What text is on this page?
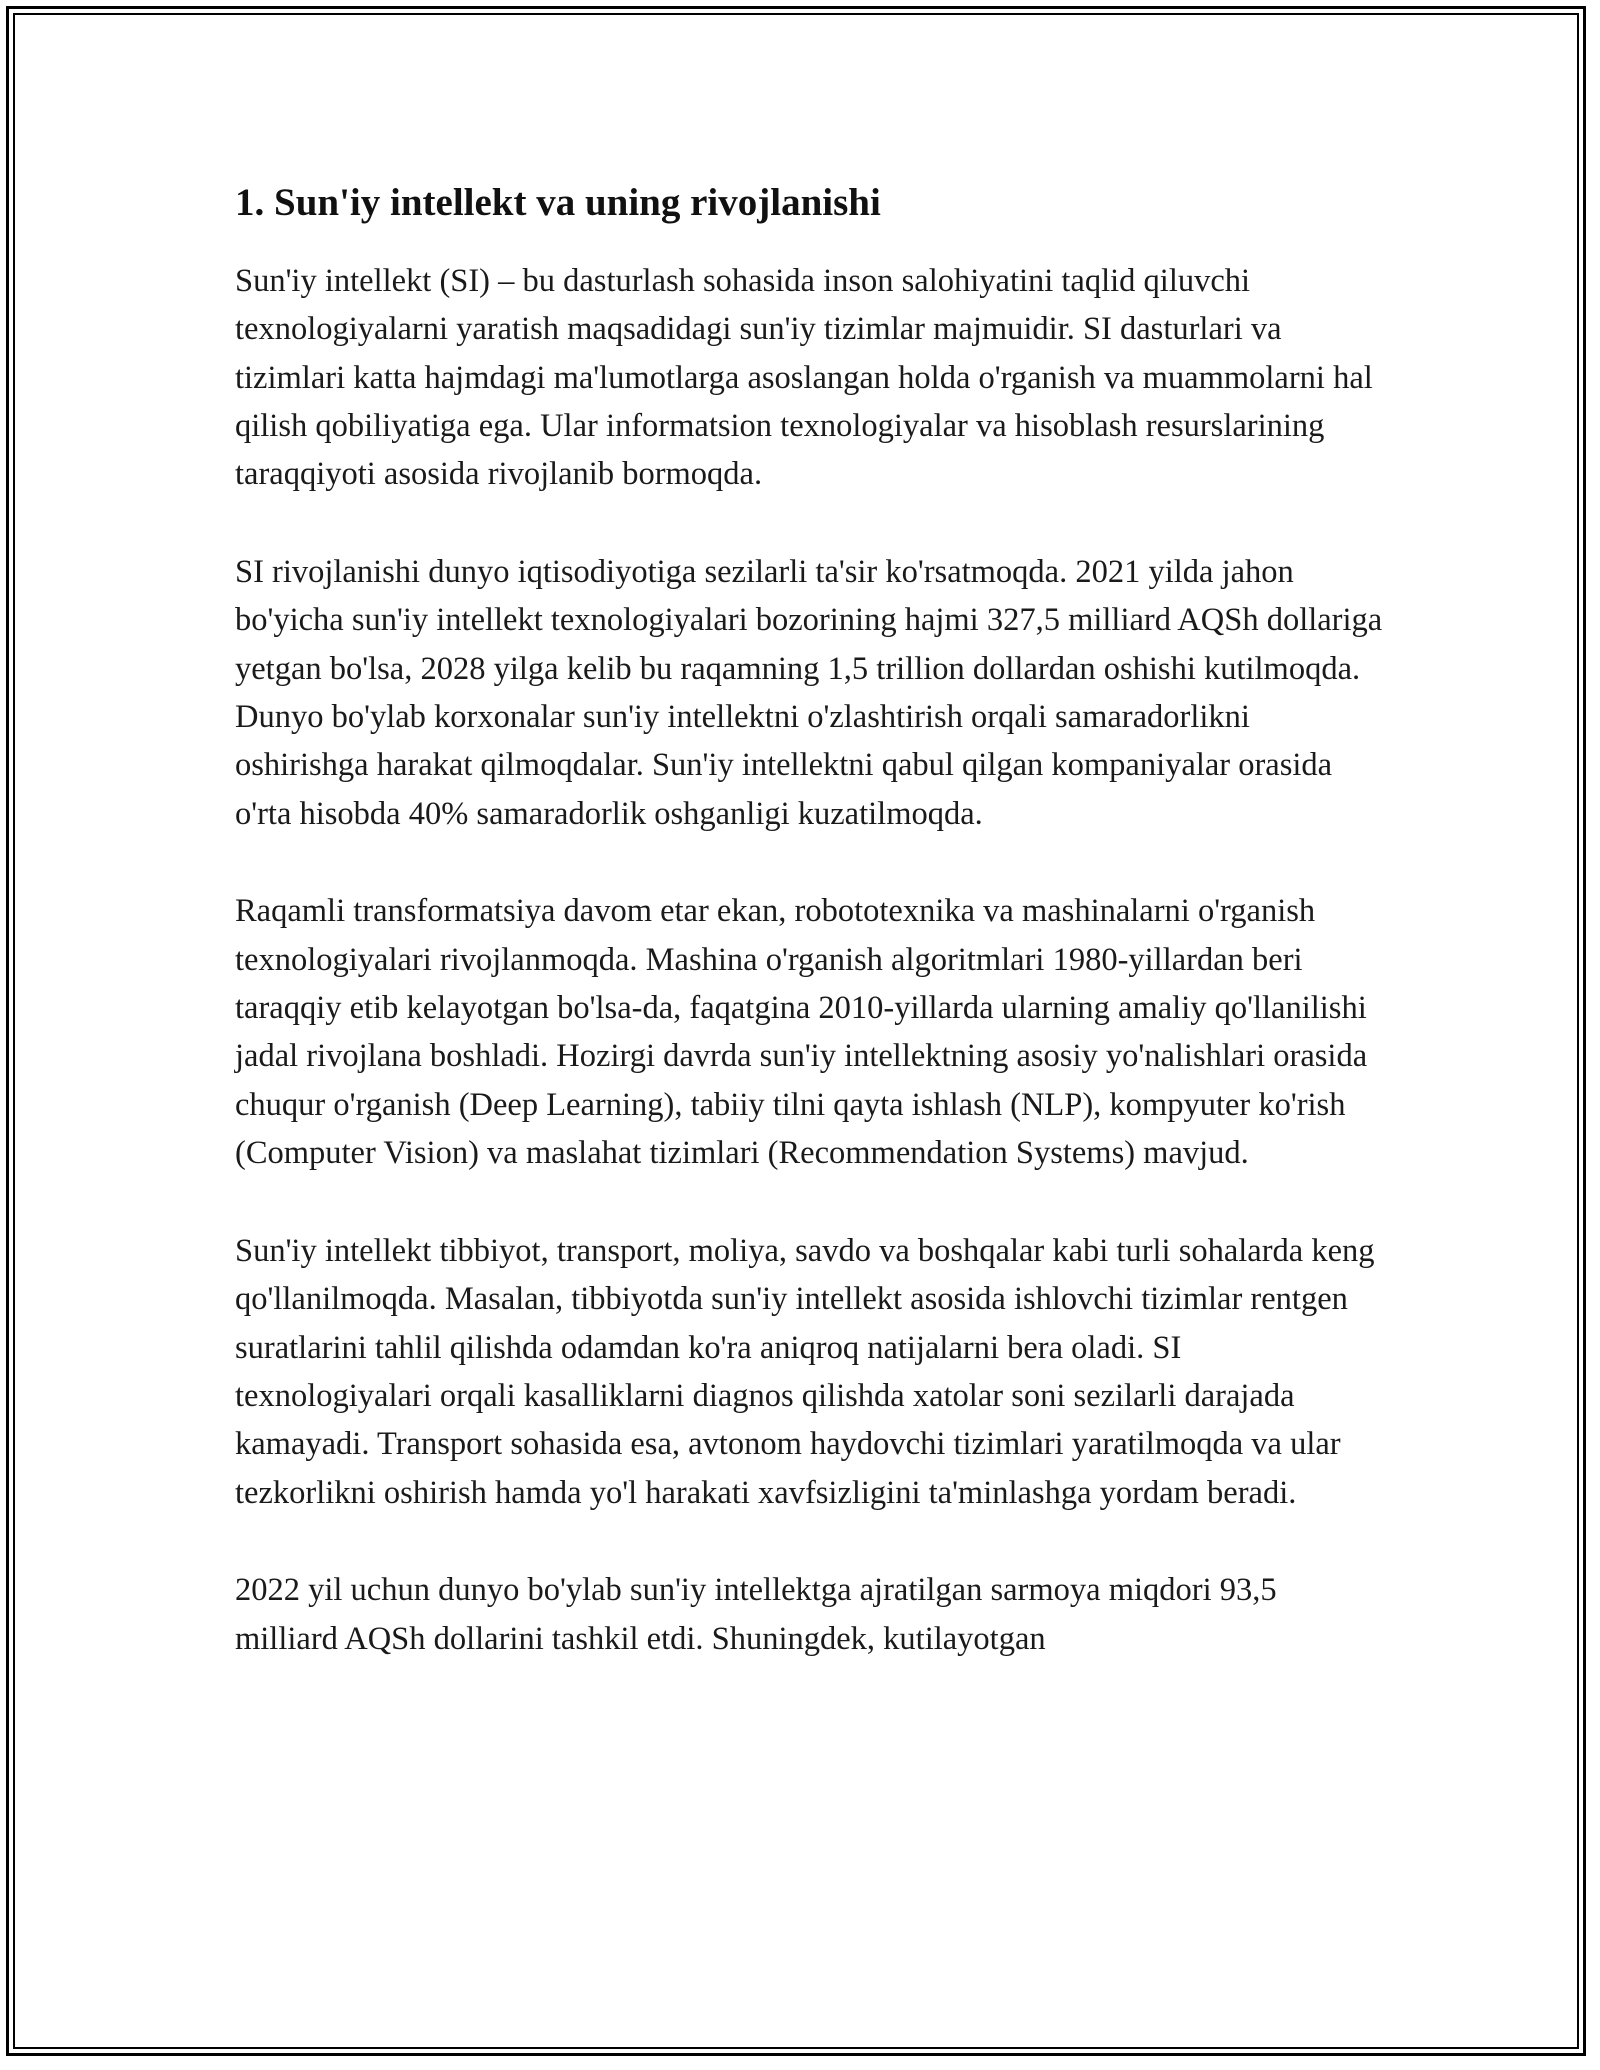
1. Sun'iy intellekt va uning rivojlanishi

Sun'iy intellekt (SI) – bu dasturlash sohasida inson salohiyatini taqlid qiluvchi texnologiyalarni yaratish maqsadidagi sun'iy tizimlar majmuidir. SI dasturlari va tizimlari katta hajmdagi ma'lumotlarga asoslangan holda o'rganish va muammolarni hal qilish qobiliyatiga ega. Ular informatsion texnologiyalar va hisoblash resurslarining taraqqiyoti asosida rivojlanib bormoqda.

SI rivojlanishi dunyo iqtisodiyotiga sezilarli ta'sir ko'rsatmoqda. 2021 yilda jahon bo'yicha sun'iy intellekt texnologiyalari bozorining hajmi 327,5 milliard AQSh dollariga yetgan bo'lsa, 2028 yilga kelib bu raqamning 1,5 trillion dollardan oshishi kutilmoqda. Dunyo bo'ylab korxonalar sun'iy intellektni o'zlashtirish orqali samaradorlikni oshirishga harakat qilmoqdalar. Sun'iy intellektni qabul qilgan kompaniyalar orasida o'rta hisobda 40% samaradorlik oshganligi kuzatilmoqda.

Raqamli transformatsiya davom etar ekan, robototexnika va mashinalarni o'rganish texnologiyalari rivojlanmoqda. Mashina o'rganish algoritmlari 1980-yillardan beri taraqqiy etib kelayotgan bo'lsa-da, faqatgina 2010-yillarda ularning amaliy qo'llanilishi jadal rivojlana boshladi. Hozirgi davrda sun'iy intellektning asosiy yo'nalishlari orasida chuqur o'rganish (Deep Learning), tabiiy tilni qayta ishlash (NLP), kompyuter ko'rish (Computer Vision) va maslahat tizimlari (Recommendation Systems) mavjud.

Sun'iy intellekt tibbiyot, transport, moliya, savdo va boshqalar kabi turli sohalarda keng qo'llanilmoqda. Masalan, tibbiyotda sun'iy intellekt asosida ishlovchi tizimlar rentgen suratlarini tahlil qilishda odamdan ko'ra aniqroq natijalarni bera oladi. SI texnologiyalari orqali kasalliklarni diagnos qilishda xatolar soni sezilarli darajada kamayadi. Transport sohasida esa, avtonom haydovchi tizimlari yaratilmoqda va ular tezkorlikni oshirish hamda yo'l harakati xavfsizligini ta'minlashga yordam beradi.

2022 yil uchun dunyo bo'ylab sun'iy intellektga ajratilgan sarmoya miqdori 93,5 milliard AQSh dollarini tashkil etdi. Shuningdek, kutilayotgan
